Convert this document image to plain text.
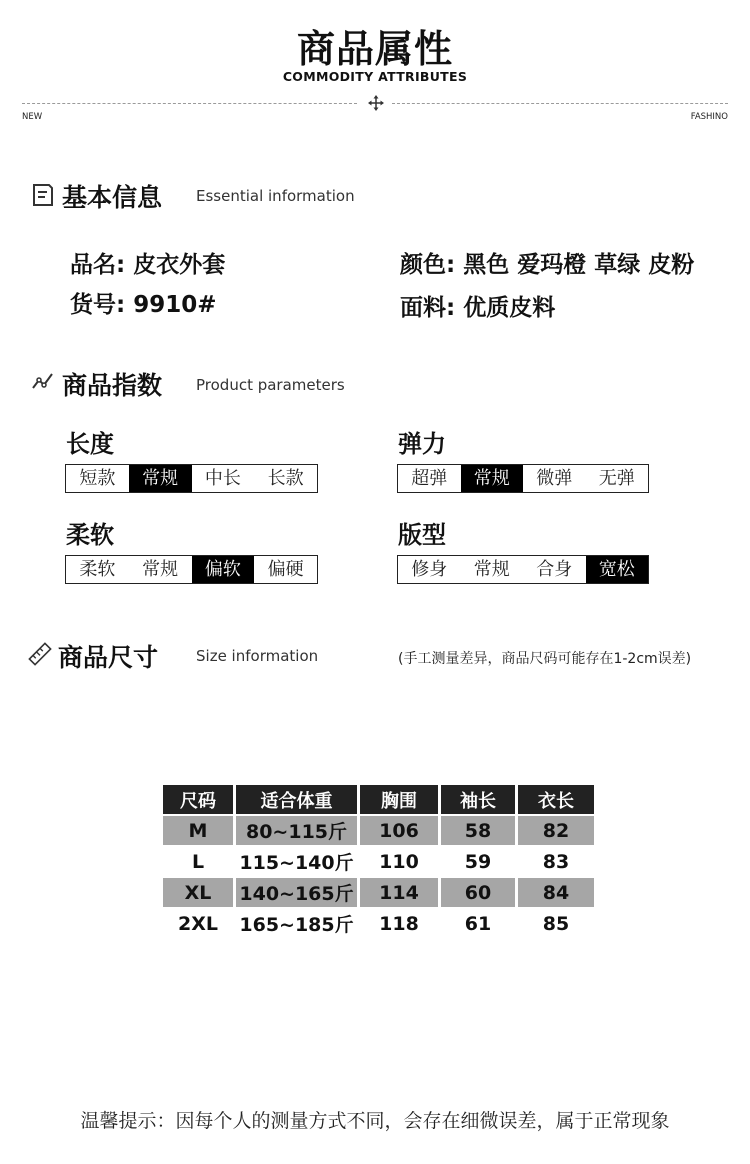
商品属性
COMMODITY ATTRIBUTES
NEW	FASHINO
基本信息 Essential information
品名: 皮衣外套
货号: 9910#
颜色: 黑色 爱玛橙 草绿 皮粉
面料: 优质皮料
商品指数 Product parameters
长度
短款	常规	中长	长款
弹力
超弹	常规	微弹	无弹
柔软
柔软	常规	偏软	偏硬
版型
修身	常规	合身	宽松
商品尺寸	Size information	(手工测量差异，商品尺码可能存在1-2cm误差)
尺码	适合体重	胸围	袖长	衣长
M	80~115斤	106	58	82
L	115~140斤	110	59	83
XL	140~165斤	114	60	84
2XL	165~185斤	118	61	85
温馨提示：因每个人的测量方式不同，会存在细微误差，属于正常现象
